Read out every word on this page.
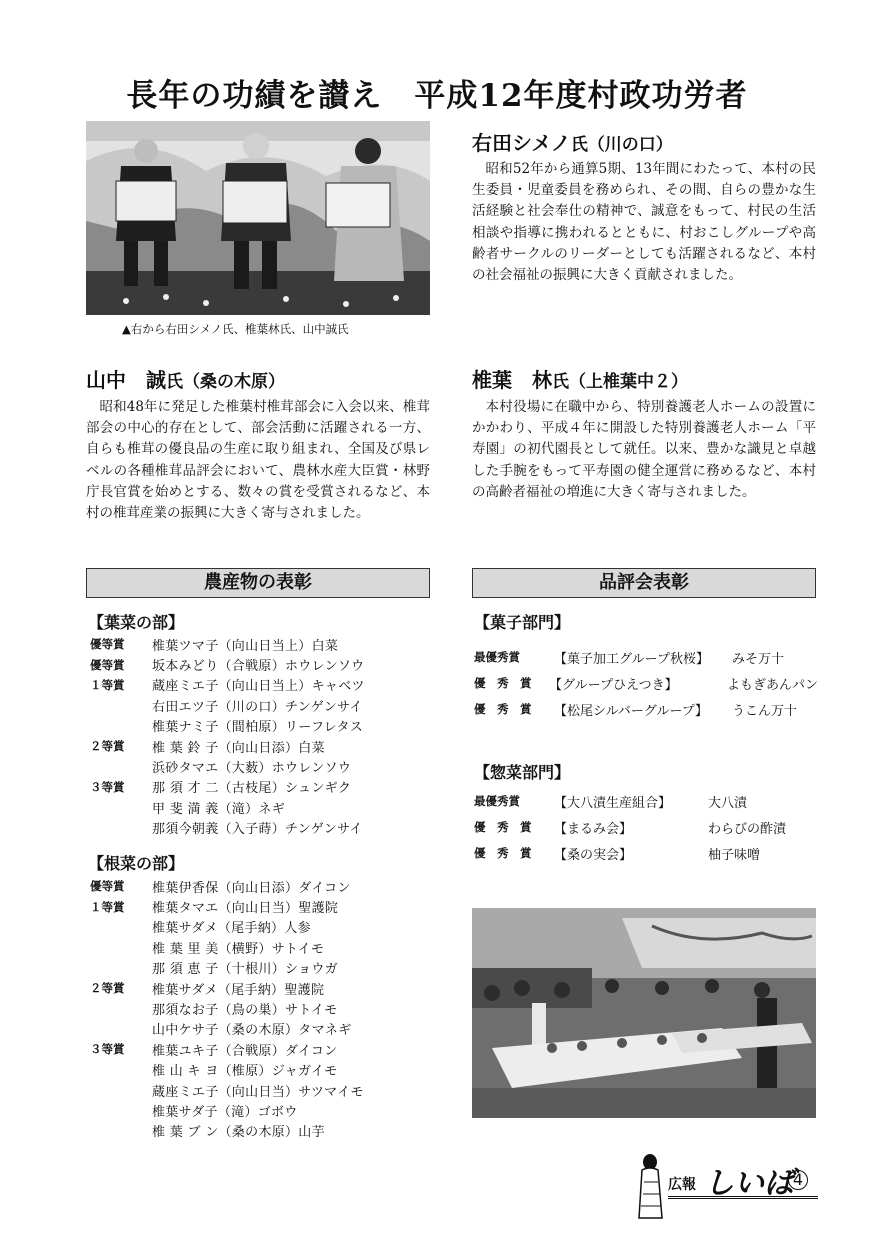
長年の功績を讃え　平成12年度村政功労者
▲右から右田シメノ氏、椎葉林氏、山中誠氏
右田シメノ氏（川の口）
昭和52年から通算5期、13年間にわたって、本村の民生委員・児童委員を務められ、その間、自らの豊かな生活経験と社会奉仕の精神で、誠意をもって、村民の生活相談や指導に携われるとともに、村おこしグループや高齢者サークルのリーダーとしても活躍されるなど、本村の社会福祉の振興に大きく貢献されました。
山中　誠氏（桑の木原）
昭和48年に発足した椎葉村椎茸部会に入会以来、椎茸部会の中心的存在として、部会活動に活躍される一方、自らも椎茸の優良品の生産に取り組まれ、全国及び県レベルの各種椎茸品評会において、農林水産大臣賞・林野庁長官賞を始めとする、数々の賞を受賞されるなど、本村の椎茸産業の振興に大きく寄与されました。
椎葉　林氏（上椎葉中２）
本村役場に在職中から、特別養護老人ホームの設置にかかわり、平成４年に開設した特別養護老人ホーム「平寿園」の初代園長として就任。以来、豊かな識見と卓越した手腕をもって平寿園の健全運営に務めるなど、本村の高齢者福祉の増進に大きく寄与されました。
農産物の表彰
【葉菜の部】
優等賞	椎葉ツマ子（向山日当上）白菜
優等賞	坂本みどり（合戦原）ホウレンソウ
１等賞	蔵座ミエ子（向山日当上）キャベツ
右田エツ子（川の口）チンゲンサイ
椎葉ナミ子（間柏原）リーフレタス
２等賞	椎 葉 鈴 子（向山日添）白菜
浜砂タマエ（大薮）ホウレンソウ
３等賞	那 須 才 二（古枝尾）シュンギク
甲 斐 満 義（滝）ネギ
那須今朝義（入子蒔）チンゲンサイ
【根菜の部】
優等賞	椎葉伊香保（向山日添）ダイコン
１等賞	椎葉タマエ（向山日当）聖護院
椎葉サダメ（尾手納）人参
椎 葉 里 美（横野）サトイモ
那 須 恵 子（十根川）ショウガ
２等賞	椎葉サダメ（尾手納）聖護院
那須なお子（鳥の巣）サトイモ
山中ケサ子（桑の木原）タマネギ
３等賞	椎葉ユキ子（合戦原）ダイコン
椎 山 キ ヨ（椎原）ジャガイモ
蔵座ミエ子（向山日当）サツマイモ
椎葉サダ子（滝）ゴボウ
椎 葉 ブ ン（桑の木原）山芋
品評会表彰
【菓子部門】
最優秀賞	【菓子加工グループ秋桜】	みそ万十
優　秀　賞	【グループひえつき】	よもぎあんパン
優　秀　賞	【松尾シルバーグループ】	うこん万十
【惣菜部門】
最優秀賞	【大八漬生産組合】	大八漬
優　秀　賞	【まるみ会】	わらびの酢漬
優　秀　賞	【桑の実会】	柚子味噌
広報 しいば
4
